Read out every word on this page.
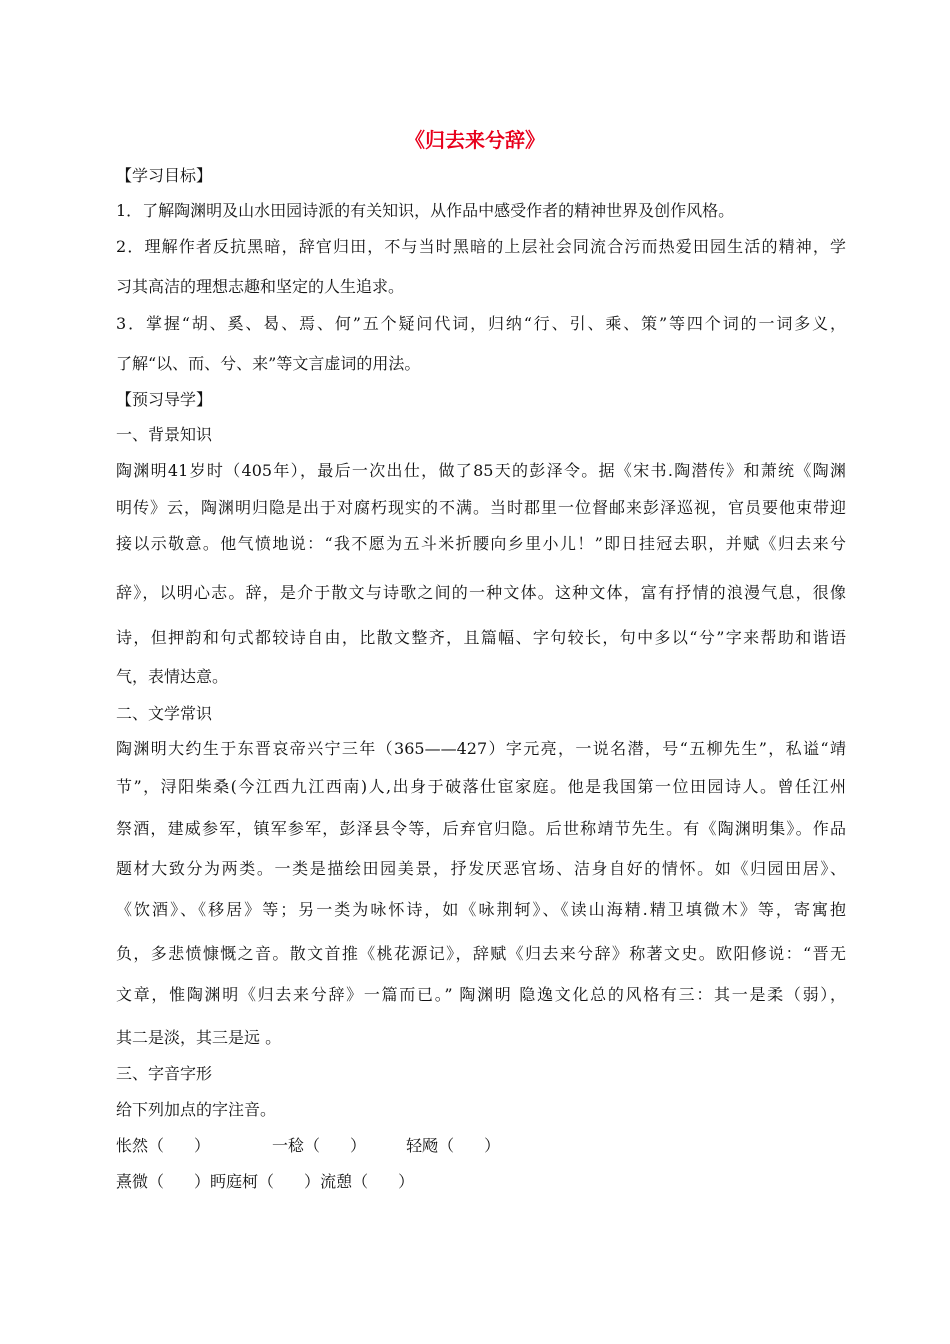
《归去来兮辞》
【学习目标】
1．了解陶渊明及山水田园诗派的有关知识，从作品中感受作者的精神世界及创作风格。
2．理解作者反抗黑暗，辞官归田，不与当时黑暗的上层社会同流合污而热爱田园生活的精神，学
习其高洁的理想志趣和坚定的人生追求。
3．掌握“胡、奚、曷、焉、何”五个疑问代词，归纳“行、引、乘、策”等四个词的一词多义，
了解“以、而、兮、来”等文言虚词的用法。
【预习导学】
一、背景知识
陶渊明41岁时（405年），最后一次出仕，做了85天的彭泽令。据《宋书.陶潜传》和萧统《陶渊
明传》云，陶渊明归隐是出于对腐朽现实的不满。当时郡里一位督邮来彭泽巡视，官员要他束带迎
接以示敬意。他气愤地说：“我不愿为五斗米折腰向乡里小儿！”即日挂冠去职，并赋《归去来兮
辞》，以明心志。辞，是介于散文与诗歌之间的一种文体。这种文体，富有抒情的浪漫气息，很像
诗，但押韵和句式都较诗自由，比散文整齐，且篇幅、字句较长，句中多以“兮”字来帮助和谐语
气，表情达意。
二、文学常识
陶渊明大约生于东晋哀帝兴宁三年（365——427）字元亮，一说名潜，号“五柳先生”，私谥“靖
节”，浔阳柴桑(今江西九江西南)人,出身于破落仕宦家庭。他是我国第一位田园诗人。曾任江州
祭酒，建威参军，镇军参军，彭泽县令等，后弃官归隐。后世称靖节先生。有《陶渊明集》。作品
题材大致分为两类。一类是描绘田园美景，抒发厌恶官场、洁身自好的情怀。如《归园田居》、
《饮酒》、《移居》等；另一类为咏怀诗，如《咏荆轲》、《读山海精.精卫填微木》等，寄寓抱
负，多悲愤慷慨之音。散文首推《桃花源记》，辞赋《归去来兮辞》称著文史。欧阳修说：“晋无
文章，惟陶渊明《归去来兮辞》一篇而已。” 陶渊明 隐逸文化总的风格有三：其一是柔（弱），
其二是淡，其三是远 。
三、字音字形
给下列加点的字注音。
怅然（ ）	一稔（ ）	轻飏（ ）
熹微（ ）眄庭柯（ ）流憩（ ）
